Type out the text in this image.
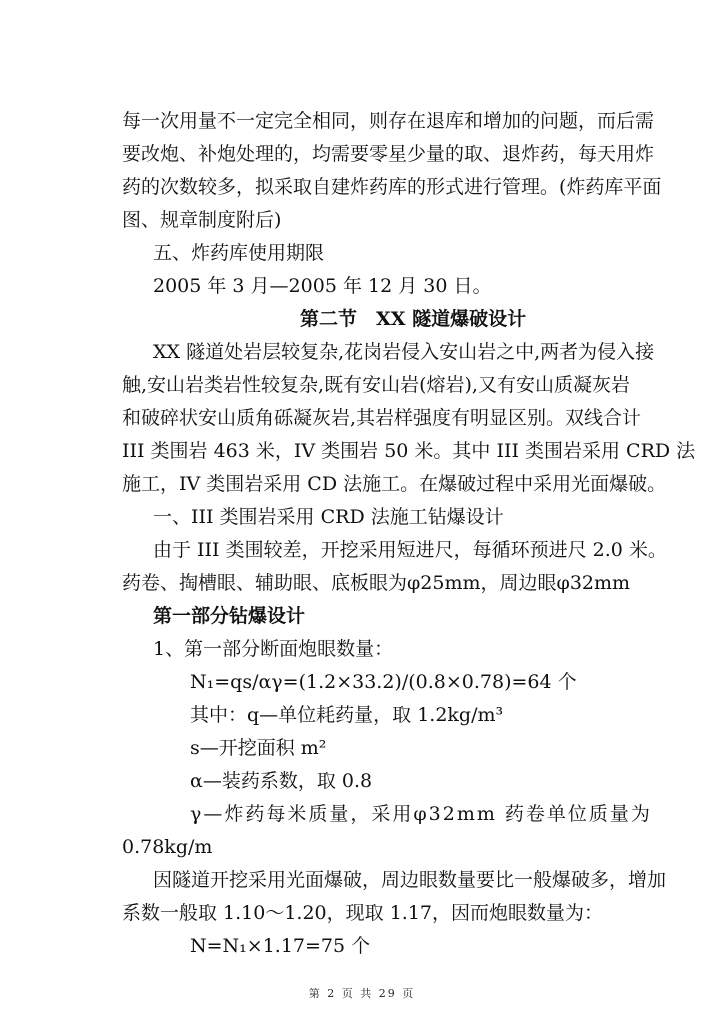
每一次用量不一定完全相同，则存在退库和增加的问题，而后需
要改炮、补炮处理的，均需要零星少量的取、退炸药，每天用炸
药的次数较多，拟采取自建炸药库的形式进行管理。(炸药库平面
图、规章制度附后)
五、炸药库使用期限
2005 年 3 月—2005 年 12 月 30 日。
第二节　XX 隧道爆破设计
XX 隧道处岩层较复杂,花岗岩侵入安山岩之中,两者为侵入接
触,安山岩类岩性较复杂,既有安山岩(熔岩),又有安山质凝灰岩
和破碎状安山质角砾凝灰岩,其岩样强度有明显区别。双线合计
III 类围岩 463 米，IV 类围岩 50 米。其中 III 类围岩采用 CRD 法
施工，IV 类围岩采用 CD 法施工。在爆破过程中采用光面爆破。
一、III 类围岩采用 CRD 法施工钻爆设计
由于 III 类围较差，开挖采用短进尺，每循环预进尺 2.0 米。
药卷、掏槽眼、辅助眼、底板眼为φ25mm，周边眼φ32mm
第一部分钻爆设计
1、第一部分断面炮眼数量：
N₁=qs/αγ=(1.2×33.2)/(0.8×0.78)=64 个
其中：q—单位耗药量，取 1.2kg/m³
s—开挖面积 m²
α—装药系数，取 0.8
γ—炸药每米质量，采用φ32mm 药卷单位质量为
0.78kg/m
因隧道开挖采用光面爆破，周边眼数量要比一般爆破多，增加
系数一般取 1.10～1.20，现取 1.17，因而炮眼数量为：
N=N₁×1.17=75 个
第 2 页 共 29 页
